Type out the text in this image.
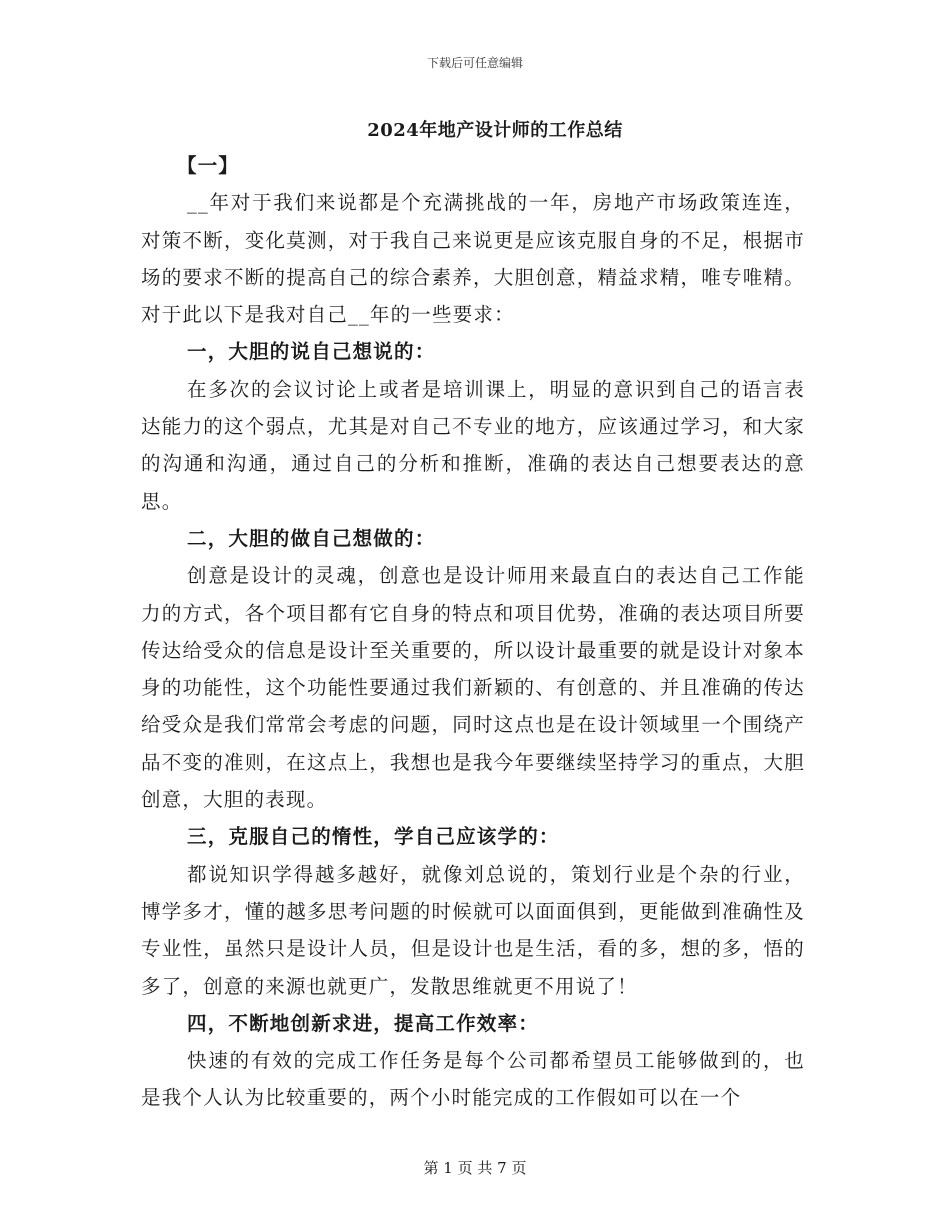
下载后可任意编辑
2024年地产设计师的工作总结

【一】

__年对于我们来说都是个充满挑战的一年，房地产市场政策连连，对策不断，变化莫测，对于我自己来说更是应该克服自身的不足，根据市场的要求不断的提高自己的综合素养，大胆创意，精益求精，唯专唯精。对于此以下是我对自己__年的一些要求：

一，大胆的说自己想说的：

在多次的会议讨论上或者是培训课上，明显的意识到自己的语言表达能力的这个弱点，尤其是对自己不专业的地方，应该通过学习，和大家的沟通和沟通，通过自己的分析和推断，准确的表达自己想要表达的意思。

二，大胆的做自己想做的：

创意是设计的灵魂，创意也是设计师用来最直白的表达自己工作能力的方式，各个项目都有它自身的特点和项目优势，准确的表达项目所要传达给受众的信息是设计至关重要的，所以设计最重要的就是设计对象本身的功能性，这个功能性要通过我们新颖的、有创意的、并且准确的传达给受众是我们常常会考虑的问题，同时这点也是在设计领域里一个围绕产品不变的准则，在这点上，我想也是我今年要继续坚持学习的重点，大胆创意，大胆的表现。

三，克服自己的惰性，学自己应该学的：

都说知识学得越多越好，就像刘总说的，策划行业是个杂的行业，博学多才，懂的越多思考问题的时候就可以面面俱到，更能做到准确性及专业性，虽然只是设计人员，但是设计也是生活，看的多，想的多，悟的多了，创意的来源也就更广，发散思维就更不用说了！

四，不断地创新求进，提高工作效率：

快速的有效的完成工作任务是每个公司都希望员工能够做到的，也是我个人认为比较重要的，两个小时能完成的工作假如可以在一个

第 1 页 共 7 页
